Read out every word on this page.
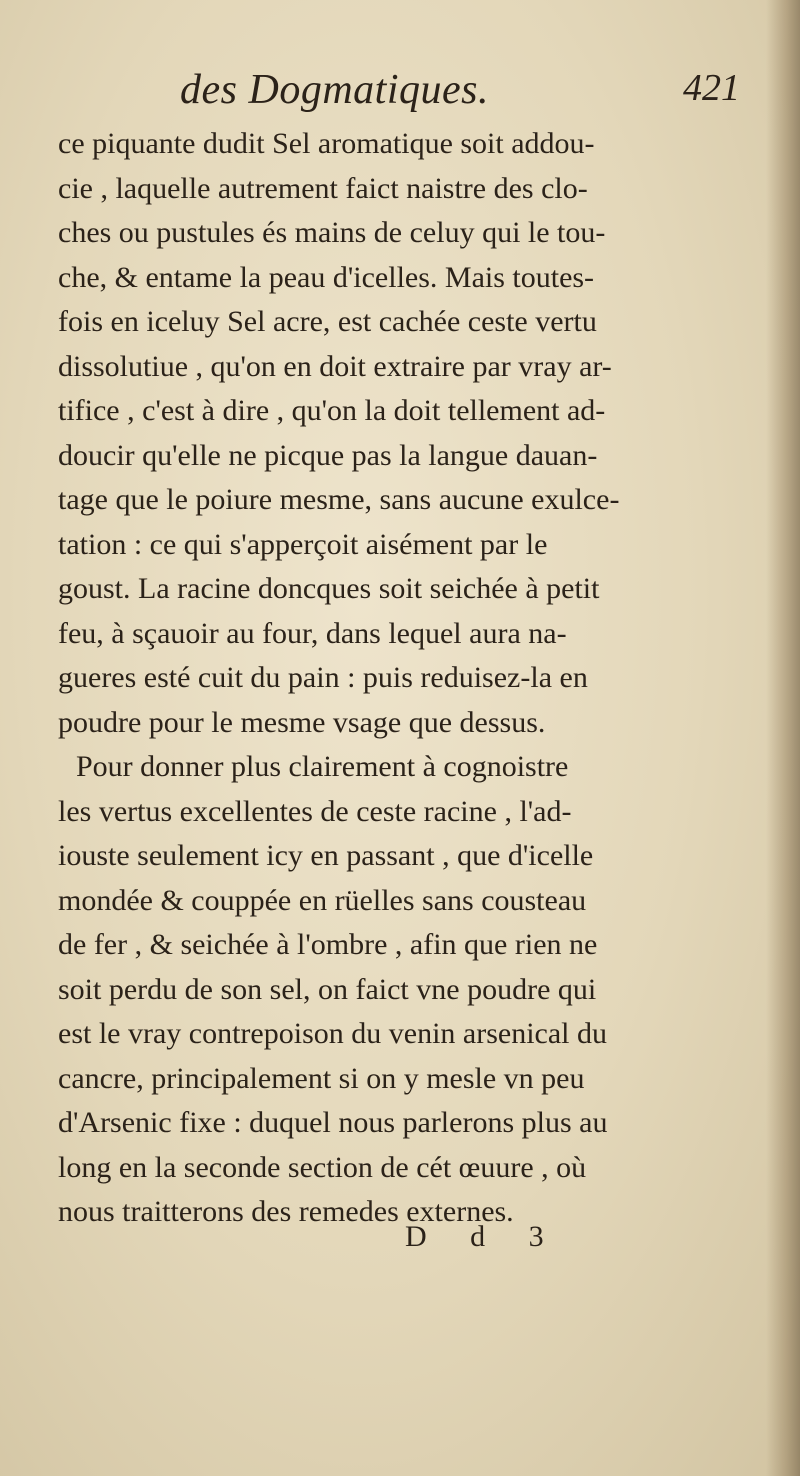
des Dogmatiques.	421
ce piquante dudit Sel aromatique soit addou-
cie , laquelle autrement faict naistre des clo-
ches ou pustules és mains de celuy qui le tou-
che, & entame la peau d'icelles. Mais toutes-
fois en iceluy Sel acre, est cachée ceste vertu
dissolutiue , qu'on en doit extraire par vray ar-
tifice , c'est à dire , qu'on la doit tellement ad-
doucir qu'elle ne picque pas la langue dauan-
tage que le poiure mesme, sans aucune exulce-
tation : ce qui s'apperçoit aisément par le
goust. La racine doncques soit seichée à petit
feu, à sçauoir au four, dans lequel aura na-
gueres esté cuit du pain : puis reduisez-la en
poudre pour le mesme vsage que dessus.
Pour donner plus clairement à cognoistre
les vertus excellentes de ceste racine , l'ad-
iouste seulement icy en passant , que d'icelle
mondée & couppée en rüelles sans cousteau
de fer , & seichée à l'ombre , afin que rien ne
soit perdu de son sel, on faict vne poudre qui
est le vray contrepoison du venin arsenical du
cancre, principalement si on y mesle vn peu
d'Arsenic fixe : duquel nous parlerons plus au
long en la seconde section de cét œuure , où
nous traitterons des remedes externes.
D d 3
